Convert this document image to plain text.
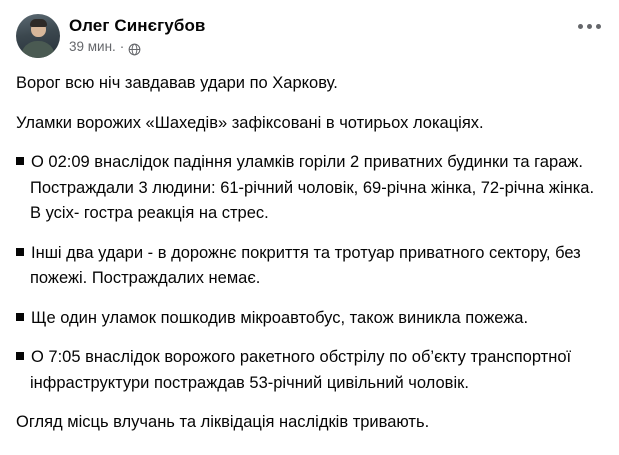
Олег Синєгубов
39 мин. ·

Ворог всю ніч завдавав удари по Харкову.

Уламки ворожих «Шахедів» зафіксовані в чотирьох локаціях.

О 02:09 внаслідок падіння уламків горіли 2 приватних будинки та гараж. Постраждали 3 людини: 61-річний чоловік, 69-річна жінка, 72-річна жінка. В усіх- гостра реакція на стрес.

Інші два удари - в дорожнє покриття та тротуар приватного сектору, без пожежі. Постраждалих немає.

Ще один уламок пошкодив мікроавтобус, також виникла пожежа.

О 7:05 внаслідок ворожого ракетного обстрілу по об’єкту транспортної інфраструктури постраждав 53-річний цивільний чоловік.

Огляд місць влучань та ліквідація наслідків тривають.
